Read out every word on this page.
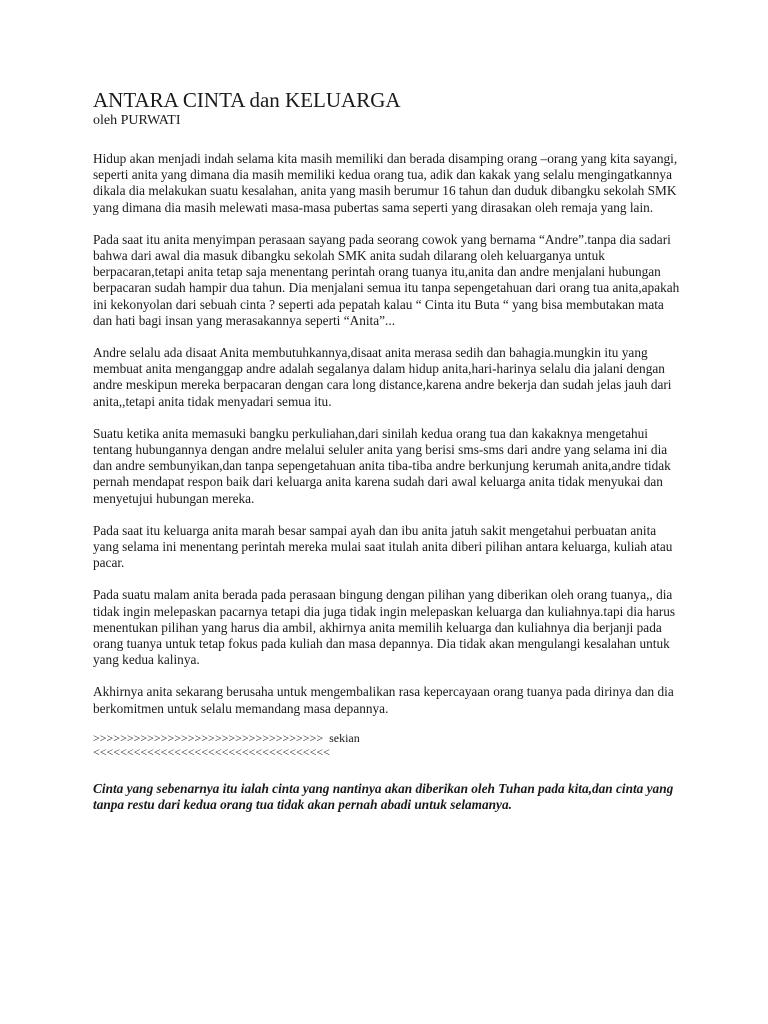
ANTARA CINTA dan KELUARGA

oleh PURWATI

Hidup akan menjadi indah selama kita masih memiliki dan berada disamping orang –orang yang kita sayangi, seperti anita yang dimana dia masih memiliki kedua orang tua, adik dan kakak yang selalu mengingatkannya dikala dia melakukan suatu kesalahan, anita yang masih berumur 16 tahun dan duduk dibangku sekolah SMK yang dimana dia masih melewati masa-masa pubertas sama seperti yang dirasakan oleh remaja yang lain.

Pada saat itu anita menyimpan perasaan sayang pada seorang cowok yang bernama “Andre”.tanpa dia sadari bahwa dari awal dia masuk dibangku sekolah SMK anita sudah dilarang oleh keluarganya untuk berpacaran,tetapi anita tetap saja menentang perintah orang tuanya itu,anita dan andre menjalani hubungan berpacaran sudah hampir dua tahun. Dia menjalani semua itu tanpa sepengetahuan dari orang tua anita,apakah ini kekonyolan dari sebuah cinta ? seperti ada pepatah kalau “ Cinta itu Buta “ yang bisa membutakan mata dan hati bagi insan yang merasakannya seperti “Anita”...

Andre selalu ada disaat Anita membutuhkannya,disaat anita merasa sedih dan bahagia.mungkin itu yang membuat anita menganggap andre adalah segalanya dalam hidup anita,hari-harinya selalu dia jalani dengan andre meskipun mereka berpacaran dengan cara long distance,karena andre bekerja dan sudah jelas jauh dari anita,,tetapi anita tidak menyadari semua itu.

Suatu ketika anita memasuki bangku perkuliahan,dari sinilah kedua orang tua dan kakaknya mengetahui tentang hubungannya dengan andre melalui seluler anita yang berisi sms-sms dari andre yang selama ini dia dan andre sembunyikan,dan tanpa sepengetahuan anita tiba-tiba andre berkunjung kerumah anita,andre tidak pernah mendapat respon baik dari keluarga anita karena sudah dari awal keluarga anita tidak menyukai dan menyetujui hubungan mereka.

Pada saat itu keluarga anita marah besar sampai ayah dan ibu anita jatuh sakit mengetahui perbuatan anita yang selama ini menentang perintah mereka mulai saat itulah anita diberi pilihan antara keluarga, kuliah atau pacar.

Pada suatu malam anita berada pada perasaan bingung dengan pilihan yang diberikan oleh orang tuanya,, dia tidak ingin melepaskan pacarnya tetapi dia juga tidak ingin melepaskan keluarga dan kuliahnya.tapi dia harus menentukan pilihan yang harus dia ambil, akhirnya anita memilih keluarga dan kuliahnya dia berjanji pada orang tuanya untuk tetap fokus pada kuliah dan masa depannya. Dia tidak akan mengulangi kesalahan untuk yang kedua kalinya.

Akhirnya anita sekarang berusaha untuk mengembalikan rasa kepercayaan orang tuanya pada dirinya dan dia berkomitmen untuk selalu memandang masa depannya.

>>>>>>>>>>>>>>>>>>>>>>>>>>>>>>>>>>  sekian
<<<<<<<<<<<<<<<<<<<<<<<<<<<<<<<<<<<

Cinta yang sebenarnya itu ialah cinta yang nantinya akan diberikan oleh Tuhan pada kita,dan cinta yang tanpa restu dari kedua orang tua tidak akan pernah abadi untuk selamanya.
